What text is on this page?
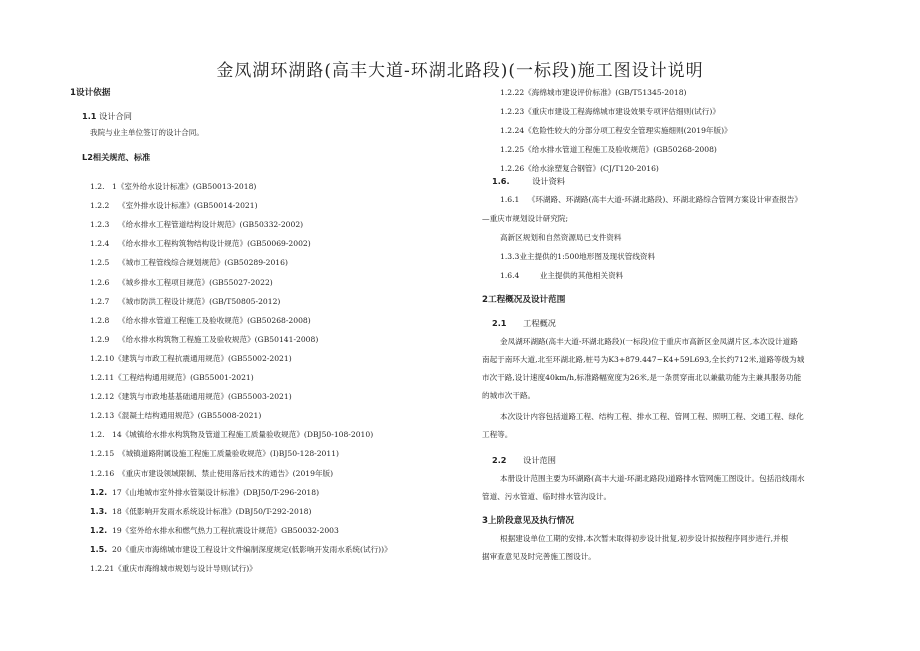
金凤湖环湖路(高丰大道-环湖北路段)(一标段)施工图设计说明
1设计依据
1.1 设计合同
我院与业主单位签订的设计合同。
L2相关规范、标准
1.2. 1《室外给水设计标准》(GB50013-2018)
1.2.2 《室外排水设计标准》(GB50014-2021)
1.2.3 《给水排水工程管道结构设计规范》(GB50332-2002)
1.2.4 《给水排水工程构筑物结构设计规范》(GB50069-2002)
1.2.5 《城市工程管线综合规划规范》(GB50289-2016)
1.2.6 《城乡排水工程项目规范》(GB55027-2022)
1.2.7 《城市防洪工程设计规范》(GB/T50805-2012)
1.2.8 《给水排水管道工程施工及验收规范》(GB50268-2008)
1.2.9 《给水排水构筑物工程施工及验收规范》(GB50141-2008)
1.2.10《建筑与市政工程抗震通用规范》(GB55002-2021)
1.2.11《工程结构通用规范》(GB55001-2021)
1.2.12《建筑与市政地基基础通用规范》(GB55003-2021)
1.2.13《混凝土结构通用规范》(GB55008-2021)
1.2. 14《城镇给水排水构筑物及管道工程施工质量验收规范》(DBJ50-108-2010)
1.2.15 《城镇道路附属设施工程施工质量验收规范》(I)BJ50-128-2011)
1.2.16 《重庆市建设领域限制、禁止使用落后技术的通告》(2019年版)
1.2. 17《山地城市室外排水管渠设计标准》(DBJ50/T-296-2018)
1.3. 18《低影响开发雨水系统设计标准》(DBJ50/T-292-2018)
1.2. 19《室外给水排水和燃气热力工程抗震设计规范》GB50032-2003
1.5. 20《重庆市海绵城市建设工程设计文件编制深度规定(低影响开发雨水系统(试行))》
1.2.21《重庆市海绵城市规划与设计导则(试行)》
1.2.22《海绵城市建设评价标准》(GB/T51345-2018)
1.2.23《重庆市建设工程海绵城市建设效果专项评估细则(试行)》
1.2.24《危险性较大的分部分项工程安全管理实施细则(2019年版)》
1.2.25《给水排水管道工程施工及验收规范》(GB50268-2008)
1.2.26《给水涂塑复合钢管》(CJ/T120-2016)
1.6.	设计资料
1.6.1 《环湖路、环湖路(高丰大道-环湖北路段)、环湖北路综合管网方案设计审查报告》
—重庆市规划设计研究院;
高新区规划和自然资源局已支件资料
1.3.3业主提供的1:500地形图及现状管线资料
1.6.4	业主提供的其他相关资料
2工程概况及设计范围
2.1 工程概况
金凤湖环湖路(高丰大道-环湖北路段)(一标段)位于重庆市高新区金凤湖片区,本次设计道路
南起于南环大道,北至环湖北路,桩号为K3+879.447~K4+59L693,全长约712米,道路等级为城
市次干路,设计速度40km/h,标准路幅宽度为26米,是一条贯穿南北以兼截功能为主兼具服务功能
的城市次干路。
本次设计内容包括道路工程、结构工程、排水工程、管网工程、照明工程、交通工程、绿化
工程等。
2.2 设计范围
本册设计范围主要为环湖路(高丰大道-环湖北路段)道路排水管网施工图设计。包括沿线雨水
管道、污水管道、临时排水管沟设计。
3上阶段意见及执行情况
根据建设单位工期的安排,本次暂未取得初步设计批复,初步设计拟按程序同步进行,并根
据审查意见及时完善施工图设计。
